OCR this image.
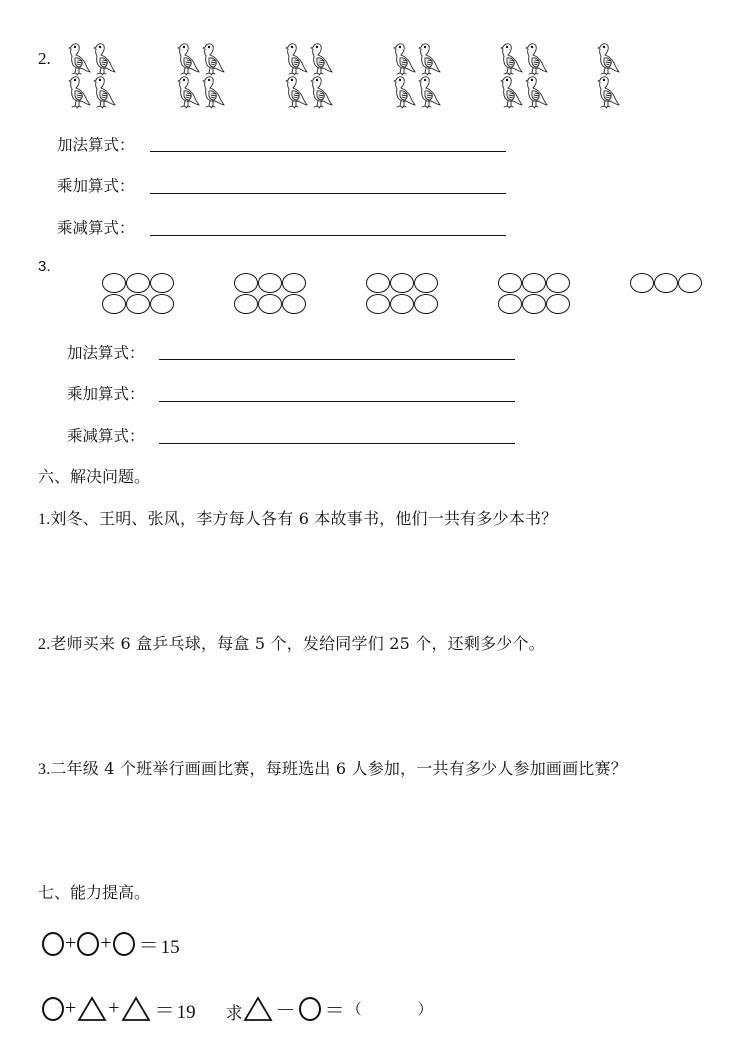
2.
加法算式：
乘加算式：
乘减算式：
3.
加法算式：
乘加算式：
乘减算式：
六、解决问题。
1.刘冬、王明、张风，李方每人各有 6 本故事书，他们一共有多少本书？
2.老师买来 6 盒乒乓球，每盒 5 个，发给同学们 25 个，还剩多少个。
3.二年级 4 个班举行画画比赛，每班选出 6 人参加，一共有多少人参加画画比赛？
七、能力提高。
+ + ＝ 15
+ + ＝ 19 求 － ＝ （	）
